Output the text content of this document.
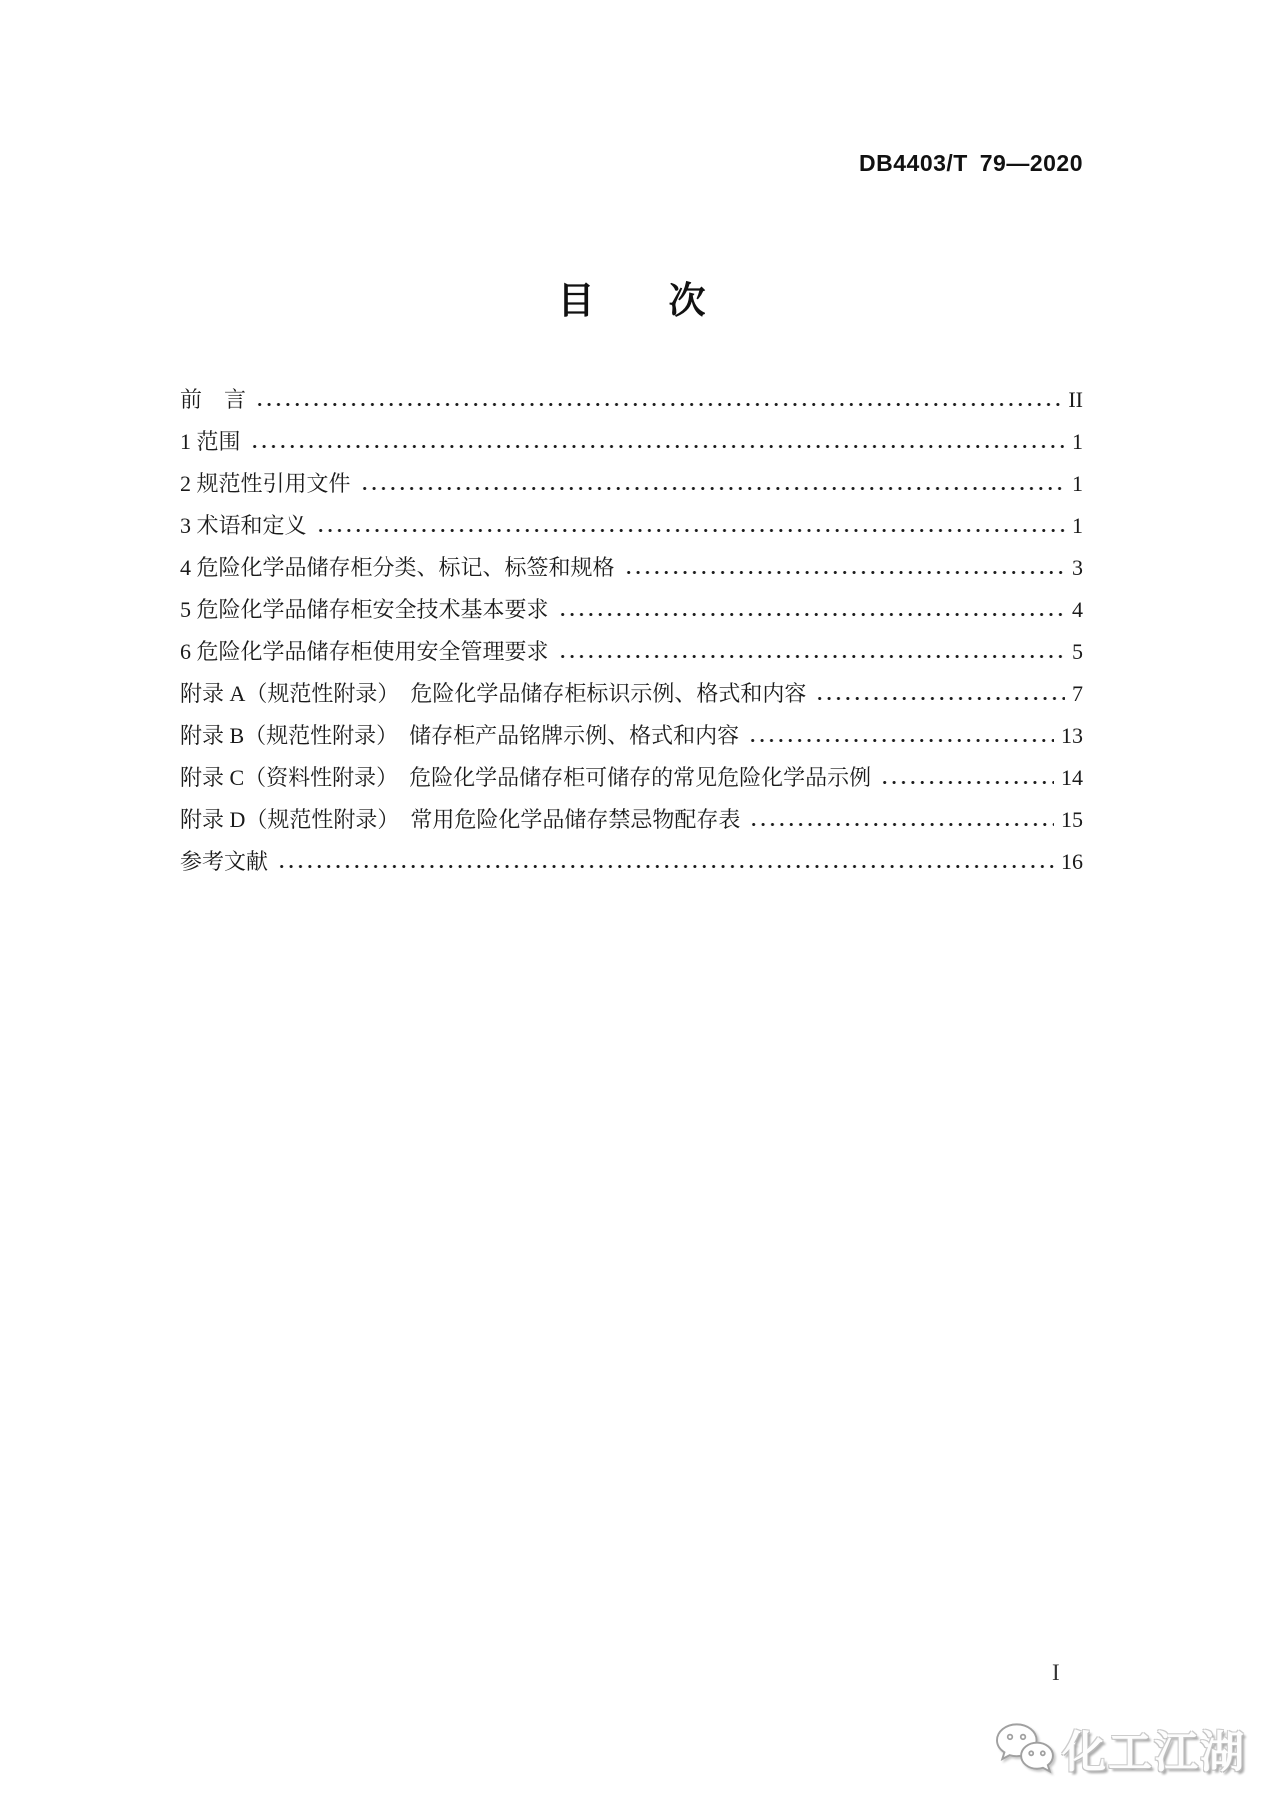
DB4403/T 79—2020
目　　次
前　言	II
1 范围	1
2 规范性引用文件	1
3 术语和定义	1
4 危险化学品储存柜分类、标记、标签和规格	3
5 危险化学品储存柜安全技术基本要求	4
6 危险化学品储存柜使用安全管理要求	5
附录 A（规范性附录）　危险化学品储存柜标识示例、格式和内容	7
附录 B（规范性附录）　储存柜产品铭牌示例、格式和内容	13
附录 C（资料性附录）　危险化学品储存柜可储存的常见危险化学品示例	14
附录 D（规范性附录）　常用危险化学品储存禁忌物配存表	15
参考文献	16
I
化工江湖
